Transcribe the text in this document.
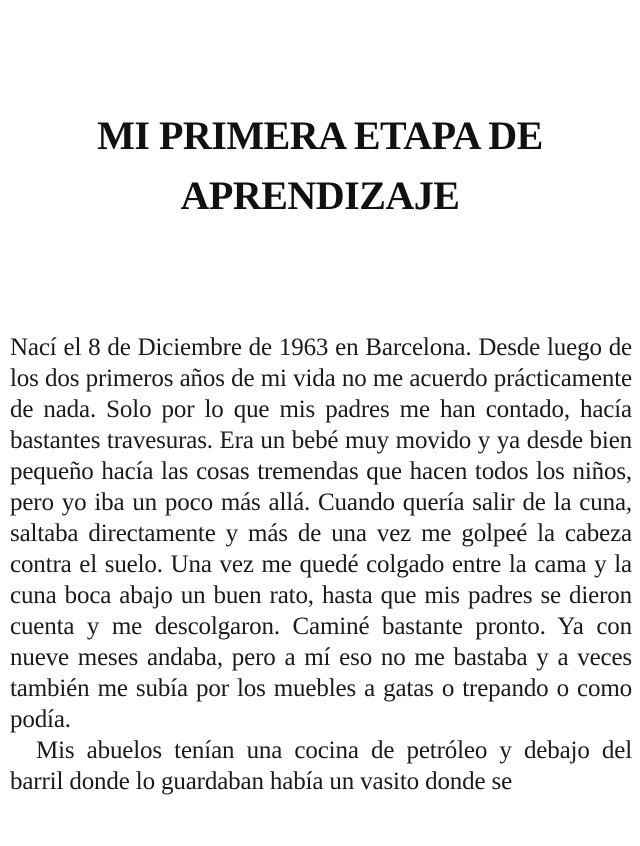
MI PRIMERA ETAPA DE
APRENDIZAJE

Nací el 8 de Diciembre de 1963 en Barcelona. Desde luego de los dos primeros años de mi vida no me acuerdo prácticamente de nada. Solo por lo que mis padres me han contado, hacía bastantes travesuras. Era un bebé muy movido y ya desde bien pequeño hacía las cosas tremendas que hacen todos los niños, pero yo iba un poco más allá. Cuando quería salir de la cuna, saltaba directamente y más de una vez me golpeé la cabeza contra el suelo. Una vez me quedé colgado entre la cama y la cuna boca abajo un buen rato, hasta que mis padres se dieron cuenta y me descolgaron. Caminé bastante pronto. Ya con nueve meses andaba, pero a mí eso no me bastaba y a veces también me subía por los muebles a gatas o trepando o como podía.

Mis abuelos tenían una cocina de petróleo y debajo del barril donde lo guardaban había un vasito donde se
